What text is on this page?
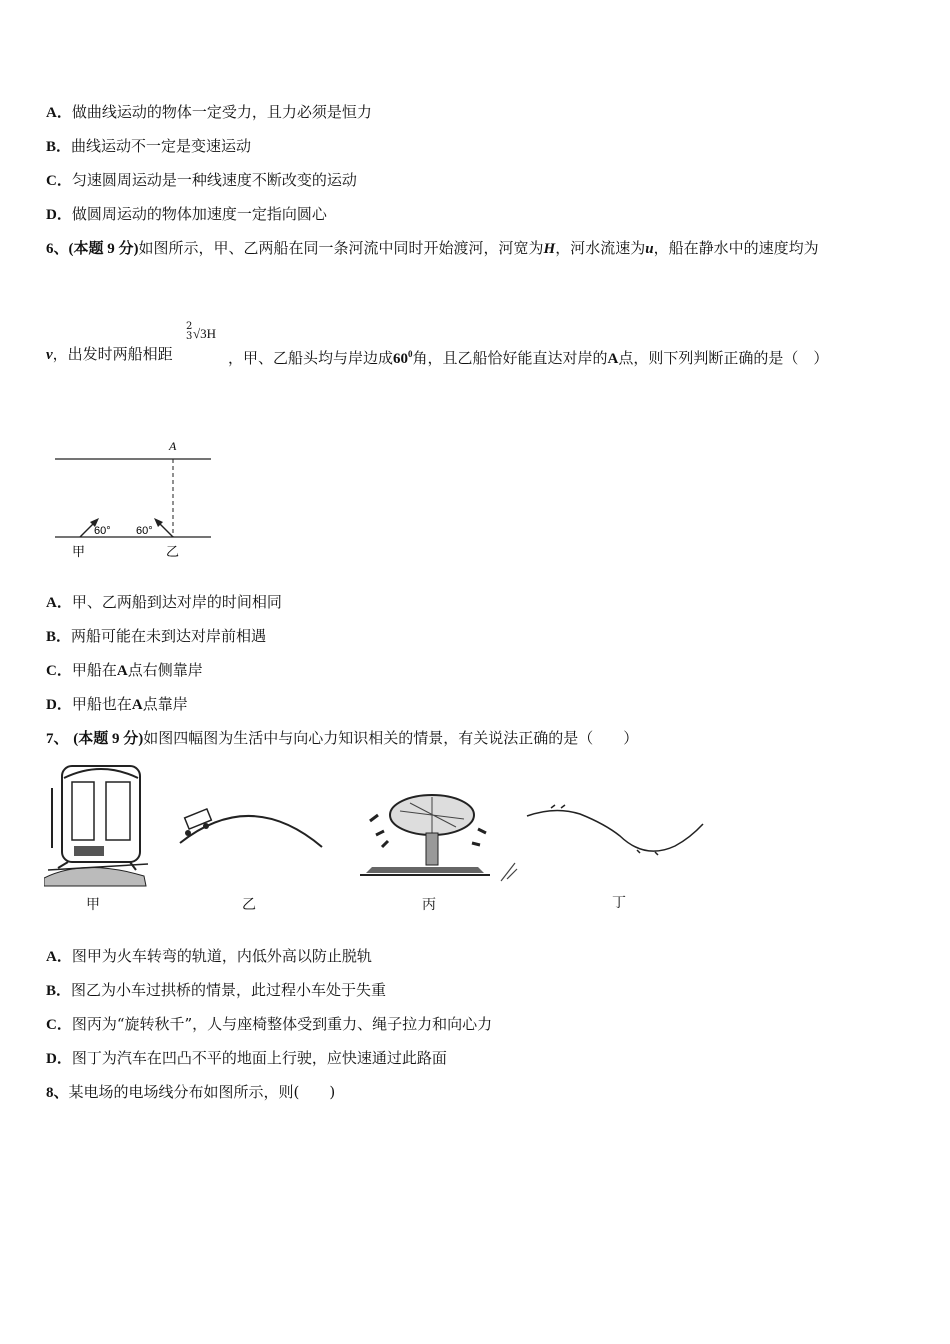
A．做曲线运动的物体一定受力，且力必须是恒力
B．曲线运动不一定是变速运动
C．匀速圆周运动是一种线速度不断改变的运动
D．做圆周运动的物体加速度一定指向圆心
6、(本题 9 分)如图所示，甲、乙两船在同一条河流中同时开始渡河，河宽为H，河水流速为u，船在静水中的速度均为
2
3 √3H
v，出发时两船相距	，甲、乙船头均与岸边成$60^0$角，且乙船恰好能直达对岸的A点，则下列判断正确的是（　）
A
60° 60°
甲	乙
A．甲、乙两船到达对岸的时间相同
B．两船可能在未到达对岸前相遇
C．甲船在A点右侧靠岸
D．甲船也在A点靠岸
7、 (本题 9 分)如图四幅图为生活中与向心力知识相关的情景，有关说法正确的是（　　）
甲	乙	丙	丁
A．图甲为火车转弯的轨道，内低外高以防止脱轨
B．图乙为小车过拱桥的情景，此过程小车处于失重
C．图丙为“旋转秋千”，人与座椅整体受到重力、绳子拉力和向心力
D．图丁为汽车在凹凸不平的地面上行驶，应快速通过此路面
8、某电场的电场线分布如图所示，则(　　)
